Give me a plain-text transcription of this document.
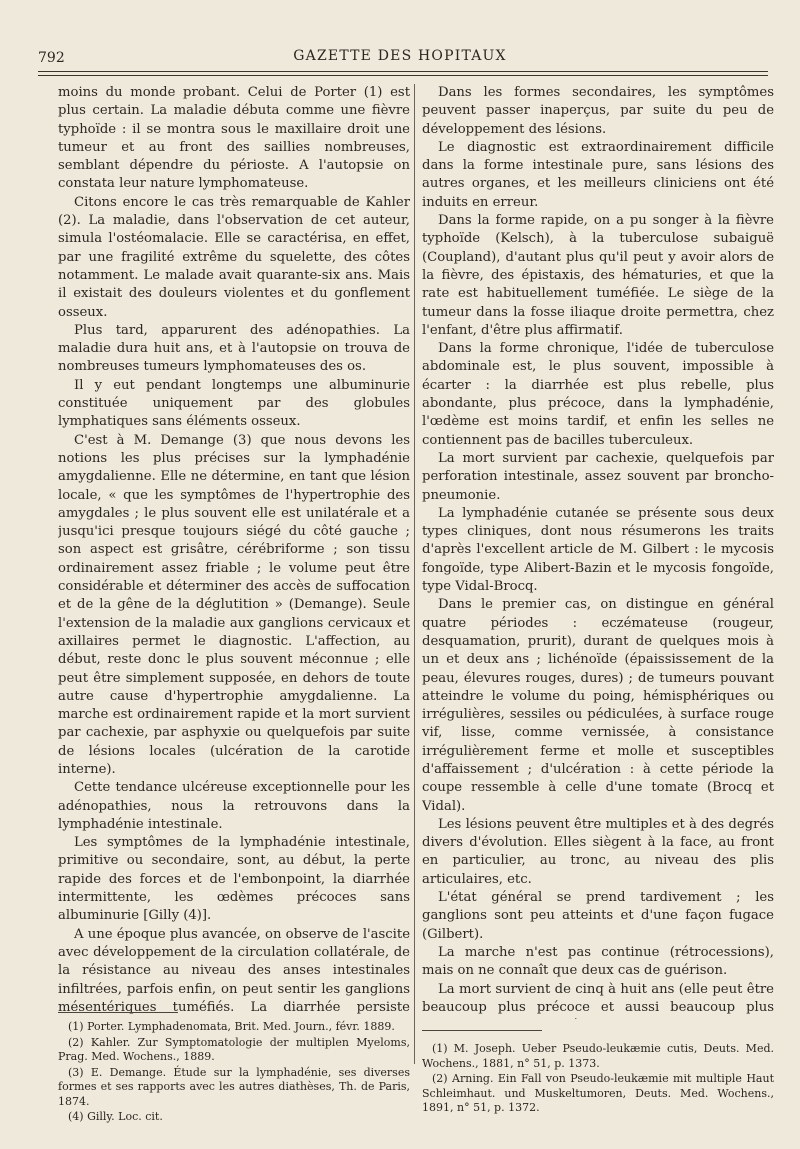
792	GAZETTE DES HOPITAUX

moins du monde probant. Celui de Porter (1) est plus certain. La maladie débuta comme une fièvre typhoïde : il se montra sous le maxillaire droit une tumeur et au front des saillies nombreuses, semblant dépendre du périoste. A l'autopsie on constata leur nature lymphomateuse.

Citons encore le cas très remarquable de Kahler (2). La maladie, dans l'observation de cet auteur, simula l'ostéomalacie. Elle se caractérisa, en effet, par une fragilité extrême du squelette, des côtes notamment. Le malade avait quarante-six ans. Mais il existait des douleurs violentes et du gonflement osseux.

Plus tard, apparurent des adénopathies. La maladie dura huit ans, et à l'autopsie on trouva de nombreuses tumeurs lymphomateuses des os.

Il y eut pendant longtemps une albuminurie constituée uniquement par des globules lymphatiques sans éléments osseux.

C'est à M. Demange (3) que nous devons les notions les plus précises sur la lymphadénie amygdalienne. Elle ne détermine, en tant que lésion locale, « que les symptômes de l'hypertrophie des amygdales ; le plus souvent elle est unilatérale et a jusqu'ici presque toujours siégé du côté gauche ; son aspect est grisâtre, cérébriforme ; son tissu ordinairement assez friable ; le volume peut être considérable et déterminer des accès de suffocation et de la gêne de la déglutition » (Demange). Seule l'extension de la maladie aux ganglions cervicaux et axillaires permet le diagnostic. L'affection, au début, reste donc le plus souvent méconnue ; elle peut être simplement supposée, en dehors de toute autre cause d'hypertrophie amygdalienne. La marche est ordinairement rapide et la mort survient par cachexie, par asphyxie ou quelquefois par suite de lésions locales (ulcération de la carotide interne).

Cette tendance ulcéreuse exceptionnelle pour les adénopathies, nous la retrouvons dans la lymphadénie intestinale.

Les symptômes de la lymphadénie intestinale, primitive ou secondaire, sont, au début, la perte rapide des forces et de l'embonpoint, la diarrhée intermittente, les œdèmes précoces sans albuminurie [Gilly (4)].

A une époque plus avancée, on observe de l'ascite avec développement de la circulation collatérale, de la résistance au niveau des anses intestinales infiltrées, parfois enfin, on peut sentir les ganglions mésentériques tuméfiés. La diarrhée persiste

Dans les formes secondaires, les symptômes peuvent passer inaperçus, par suite du peu de développement des lésions.

Le diagnostic est extraordinairement difficile dans la forme intestinale pure, sans lésions des autres organes, et les meilleurs cliniciens ont été induits en erreur.

Dans la forme rapide, on a pu songer à la fièvre typhoïde (Kelsch), à la tuberculose subaiguë (Coupland), d'autant plus qu'il peut y avoir alors de la fièvre, des épistaxis, des hématuries, et que la rate est habituellement tuméfiée. Le siège de la tumeur dans la fosse iliaque droite permettra, chez l'enfant, d'être plus affirmatif.

Dans la forme chronique, l'idée de tuberculose abdominale est, le plus souvent, impossible à écarter : la diarrhée est plus rebelle, plus abondante, plus précoce, dans la lymphadénie, l'œdème est moins tardif, et enfin les selles ne contiennent pas de bacilles tuberculeux.

La mort survient par cachexie, quelquefois par perforation intestinale, assez souvent par broncho-pneumonie.

La lymphadénie cutanée se présente sous deux types cliniques, dont nous résumerons les traits d'après l'excellent article de M. Gilbert : le mycosis fongoïde, type Alibert-Bazin et le mycosis fongoïde, type Vidal-Brocq.

Dans le premier cas, on distingue en général quatre périodes : eczémateuse (rougeur, desquamation, prurit), durant de quelques mois à un et deux ans ; lichénoïde (épaississement de la peau, élevures rouges, dures) ; de tumeurs pouvant atteindre le volume du poing, hémisphériques ou irrégulières, sessiles ou pédiculées, à surface rouge vif, lisse, comme vernissée, à consistance irrégulièrement ferme et molle et susceptibles d'affaissement ; d'ulcération : à cette période la coupe ressemble à celle d'une tomate (Brocq et Vidal).

Les lésions peuvent être multiples et à des degrés divers d'évolution. Elles siègent à la face, au front en particulier, au tronc, au niveau des plis articulaires, etc.

L'état général se prend tardivement ; les ganglions sont peu atteints et d'une façon fugace (Gilbert).

La marche n'est pas continue (rétrocessions), mais on ne connaît que deux cas de guérison.

La mort survient de cinq à huit ans (elle peut être beaucoup plus précoce et aussi beaucoup plus

(1) Porter. Lymphadenomata, Brit. Med. Journ., févr. 1889.

(2) Kahler. Zur Symptomatologie der multiplen Myeloms, Prag. Med. Wochens., 1889.

(3) E. Demange. Étude sur la lymphadénie, ses diverses formes et ses rapports avec les autres diathèses, Th. de Paris, 1874.

(4) Gilly. Loc. cit.

(1) M. Joseph. Ueber Pseudo-leukæmie cutis, Deuts. Med. Wochens., 1881, n° 51, p. 1373.

(2) Arning. Ein Fall von Pseudo-leukæmie mit multiple Haut Schleimhaut. und Muskeltumoren, Deuts. Med. Wochens., 1891, n° 51, p. 1372.
